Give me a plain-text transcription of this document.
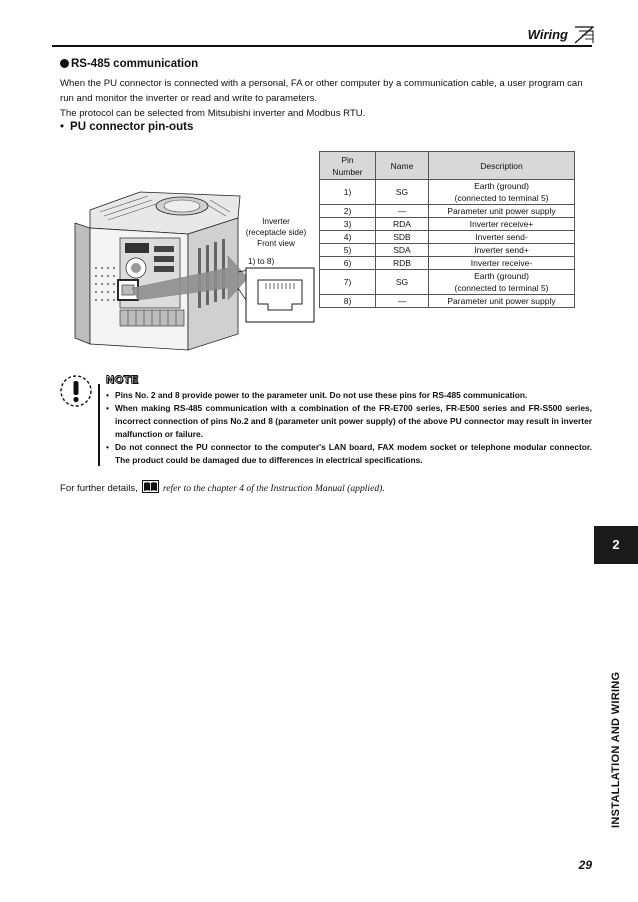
Wiring
RS-485 communication
When the PU connector is connected with a personal, FA or other computer by a communication cable, a user program can
run and monitor the inverter or read and write to parameters.
The protocol can be selected from Mitsubishi inverter and Modbus RTU.
• PU connector pin-outs
Inverter
(receptacle side)
Front view
1) to 8)
Pin Number	Name	Description
1)	SG	Earth (ground)
(connected to terminal 5)

2)	—	Parameter unit power supply
3)	RDA	Inverter receive+
4)	SDB	Inverter send-
5)	SDA	Inverter send+
6)	RDB	Inverter receive-
7)	SG	Earth (ground)
(connected to terminal 5)

8)	—	Parameter unit power supply
NOTE
• Pins No. 2 and 8 provide power to the parameter unit. Do not use these pins for RS-485 communication.
• When making RS-485 communication with a combination of the FR-E700 series, FR-E500 series and FR-S500 series, incorrect connection of pins No.2 and 8 (parameter unit power supply) of the above PU connector may result in inverter malfunction or failure.
• Do not connect the PU connector to the computer's LAN board, FAX modem socket or telephone modular connector. The product could be damaged due to differences in electrical specifications.
For further details,	refer to the chapter 4 of the Instruction Manual (applied).
2
INSTALLATION AND WIRING
29
